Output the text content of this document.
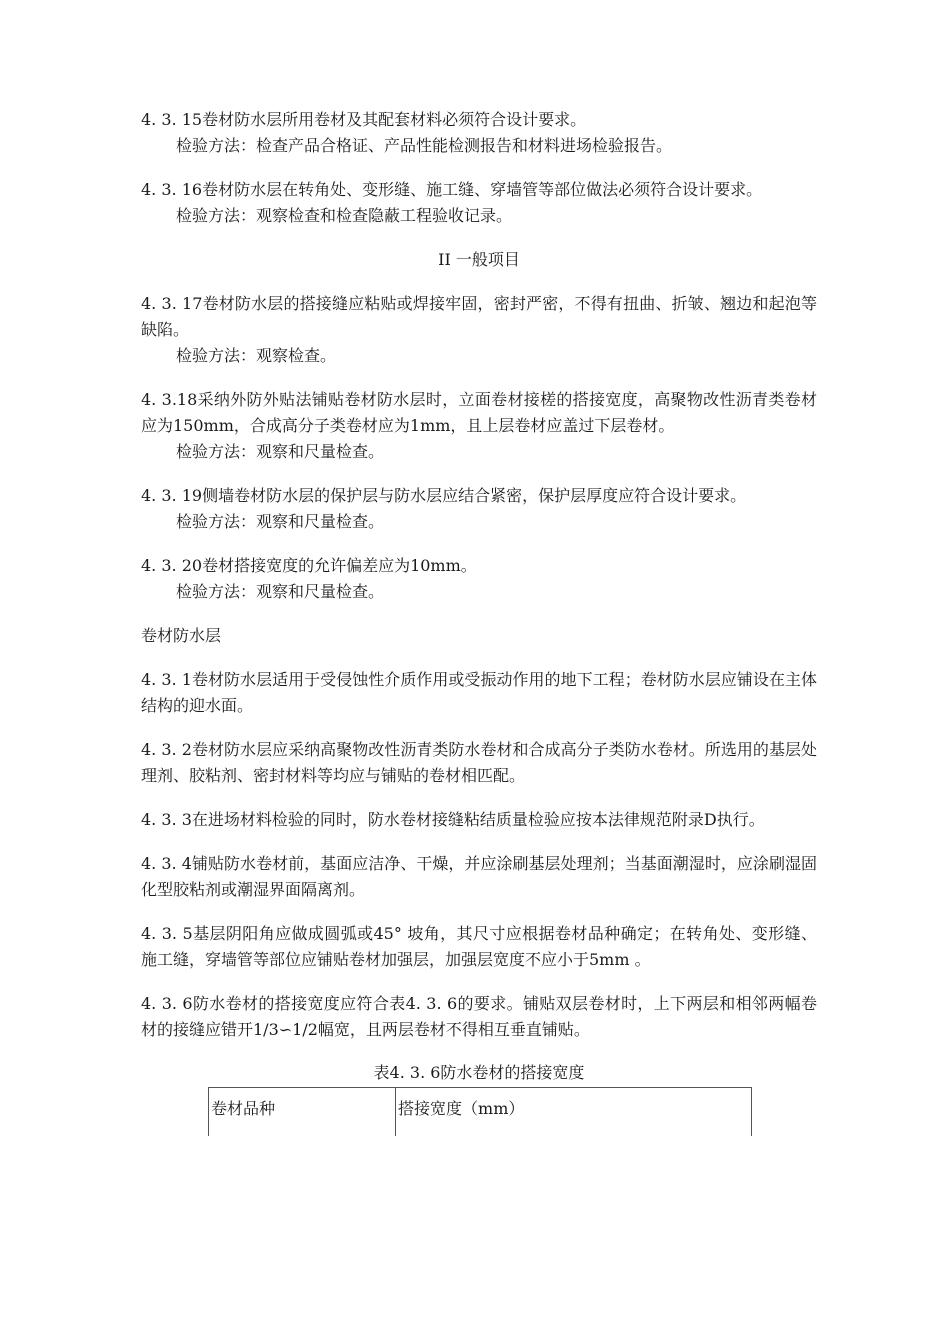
4. 3. 15卷材防水层所用卷材及其配套材料必须符合设计要求。

检验方法：检查产品合格证、产品性能检测报告和材料进场检验报告。

4. 3. 16卷材防水层在转角处、变形缝、施工缝、穿墙管等部位做法必须符合设计要求。

检验方法：观察检查和检查隐蔽工程验收记录。

II 一般项目

4. 3. 17卷材防水层的搭接缝应粘贴或焊接牢固，密封严密，不得有扭曲、折皱、翘边和起泡等缺陷。

检验方法：观察检查。

4. 3.18采纳外防外贴法铺贴卷材防水层时，立面卷材接槎的搭接宽度，高聚物改性沥青类卷材应为150mm，合成高分子类卷材应为1mm，且上层卷材应盖过下层卷材。

检验方法：观察和尺量检查。

4. 3. 19侧墙卷材防水层的保护层与防水层应结合紧密，保护层厚度应符合设计要求。

检验方法：观察和尺量检查。

4. 3. 20卷材搭接宽度的允许偏差应为10mm。

检验方法：观察和尺量检查。

卷材防水层

4. 3. 1卷材防水层适用于受侵蚀性介质作用或受振动作用的地下工程；卷材防水层应铺设在主体结构的迎水面。

4. 3. 2卷材防水层应采纳高聚物改性沥青类防水卷材和合成高分子类防水卷材。所选用的基层处理剂、胶粘剂、密封材料等均应与铺贴的卷材相匹配。

4. 3. 3在进场材料检验的同时，防水卷材接缝粘结质量检验应按本法律规范附录D执行。

4. 3. 4铺贴防水卷材前，基面应洁净、干燥，并应涂刷基层处理剂；当基面潮湿时，应涂刷湿固化型胶粘剂或潮湿界面隔离剂。

4. 3. 5基层阴阳角应做成圆弧或45° 坡角，其尺寸应根据卷材品种确定；在转角处、变形缝、施工缝，穿墙管等部位应铺贴卷材加强层，加强层宽度不应小于5mm 。

4. 3. 6防水卷材的搭接宽度应符合表4. 3. 6的要求。铺贴双层卷材时，上下两层和相邻两幅卷材的接缝应错开1/3∽1/2幅宽，且两层卷材不得相互垂直铺贴。

表4. 3. 6防水卷材的搭接宽度

卷材品种	搭接宽度（mm）
